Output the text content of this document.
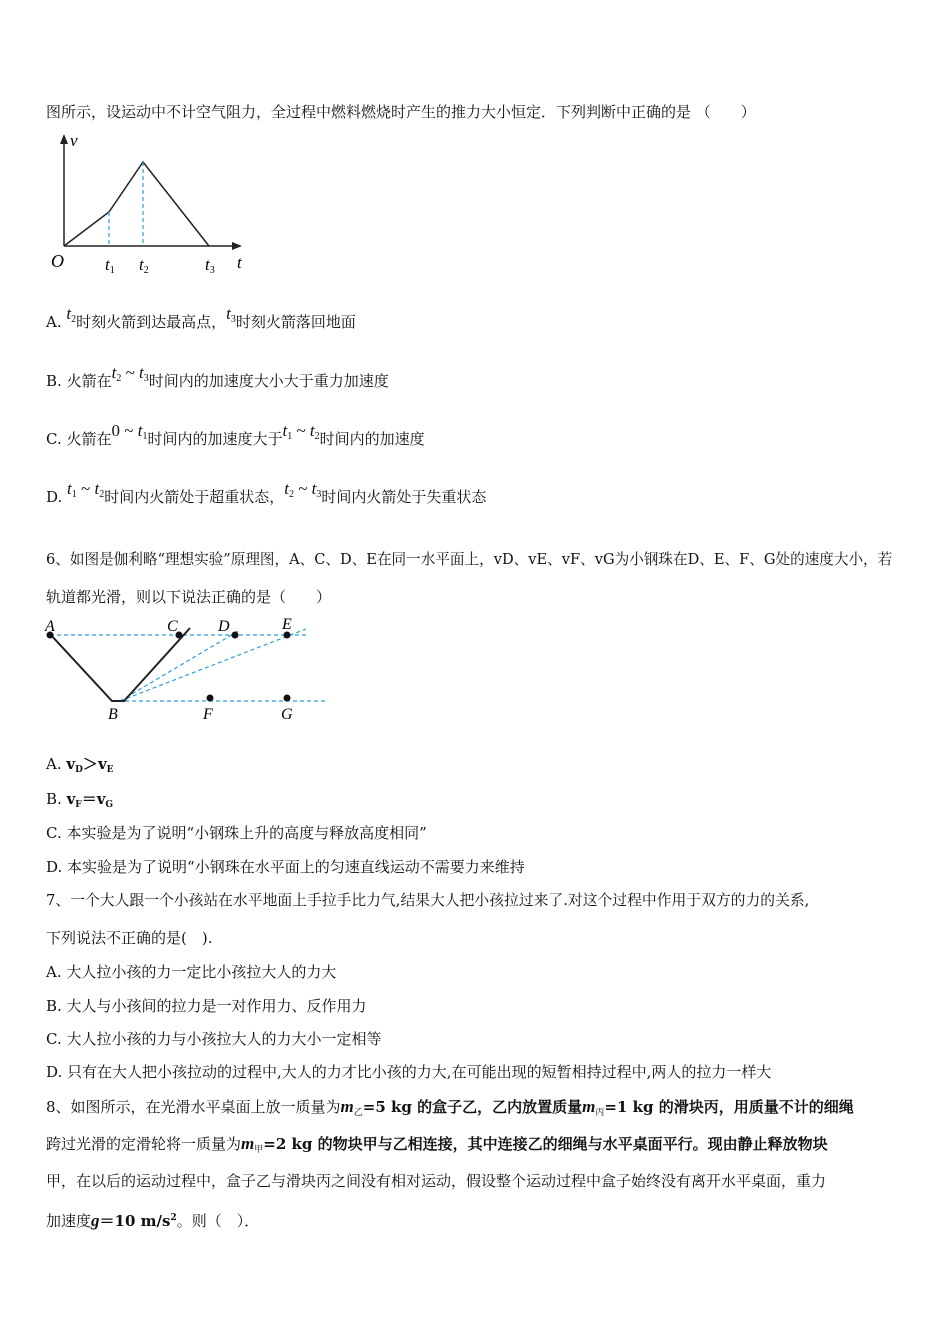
图所示，设运动中不计空气阻力，全过程中燃料燃烧时产生的推力大小恒定．下列判断中正确的是 （　　）
v
t
O t1 t2	t3
A. $t_2$时刻火箭到达最高点，$t_3$时刻火箭落回地面
B. 火箭在$t_2$ ~ $t_3$时间内的加速度大小大于重力加速度
C. 火箭在0 ~ $t_1$时间内的加速度大于$t_1$ ~ $t_2$时间内的加速度
D. $t_1$ ~ $t_2$时间内火箭处于超重状态，$t_2$ ~ $t_3$时间内火箭处于失重状态
6、如图是伽利略“理想实验”原理图，A、C、D、E在同一水平面上，vD、vE、vF、vG为小钢珠在D、E、F、G处的速度大小，若
轨道都光滑，则以下说法正确的是（　　）
A	C	D	E
B	F	G
A. $v_D>v_E$
B. $v_F=v_G$
C. 本实验是为了说明“小钢珠上升的高度与释放高度相同”
D. 本实验是为了说明“小钢珠在水平面上的匀速直线运动不需要力来维持
7、一个大人跟一个小孩站在水平地面上手拉手比力气,结果大人把小孩拉过来了.对这个过程中作用于双方的力的关系,
下列说法不正确的是(　).
A. 大人拉小孩的力一定比小孩拉大人的力大
B. 大人与小孩间的拉力是一对作用力、反作用力
C. 大人拉小孩的力与小孩拉大人的力大小一定相等
D. 只有在大人把小孩拉动的过程中,大人的力才比小孩的力大,在可能出现的短暂相持过程中,两人的拉力一样大
8、如图所示，在光滑水平桌面上放一质量为$m_乙=5$ kg 的盒子乙，乙内放置质量$m_丙=1$ kg 的滑块丙，用质量不计的细绳
跨过光滑的定滑轮将一质量为$m_甲=2$ kg 的物块甲与乙相连接，其中连接乙的细绳与水平桌面平行。现由静止释放物块
甲，在以后的运动过程中，盒子乙与滑块丙之间没有相对运动，假设整个运动过程中盒子始终没有离开水平桌面，重力
加速度g＝10 $m/s^2$。则（　）．
